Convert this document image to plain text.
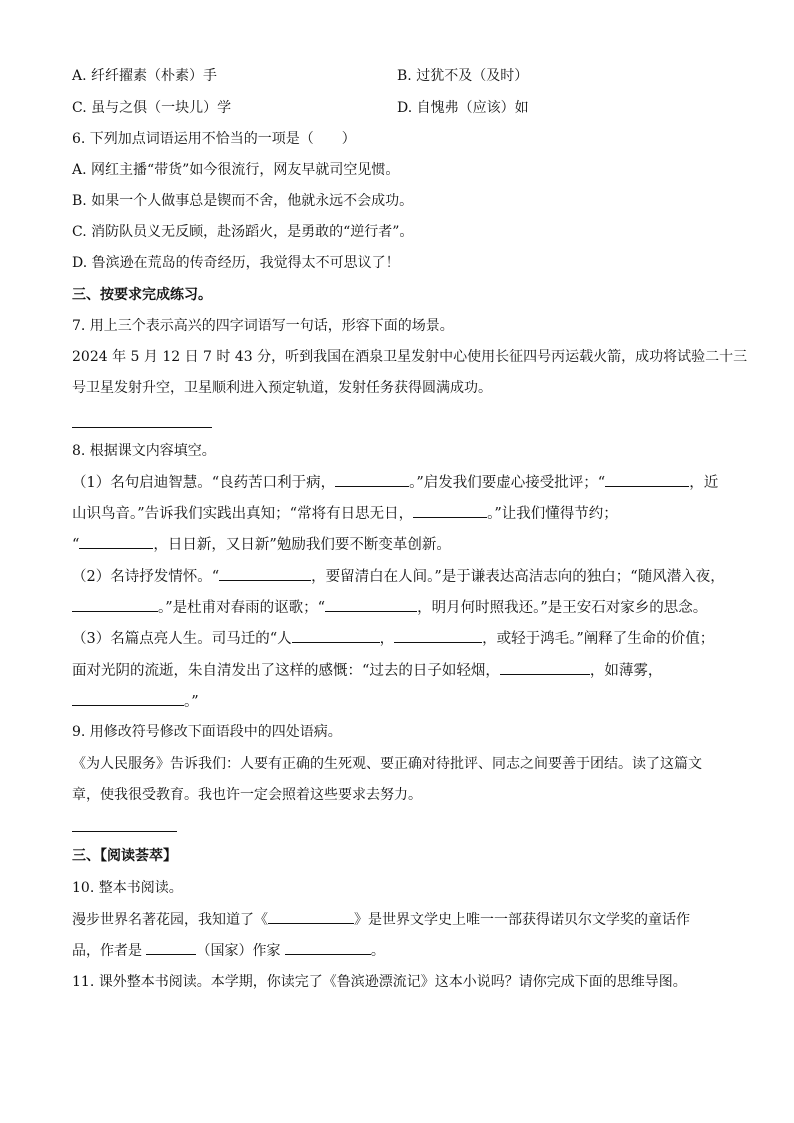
A. 纤纤擢素（朴素）手	B. 过犹不及（及时）
C. 虽与之俱（一块儿）学	D. 自愧弗（应该）如
6. 下列加点词语运用不恰当的一项是（　　）
A. 网红主播“带货”如今很流行，网友早就司空见惯。
B. 如果一个人做事总是锲而不舍，他就永远不会成功。
C. 消防队员义无反顾，赴汤蹈火，是勇敢的“逆行者”。
D. 鲁滨逊在荒岛的传奇经历，我觉得太不可思议了！
三、按要求完成练习。
7. 用上三个表示高兴的四字词语写一句话，形容下面的场景。
2024 年 5 月 12 日 7 时 43 分，听到我国在酒泉卫星发射中心使用长征四号丙运载火箭，成功将试验二十三
号卫星发射升空，卫星顺利进入预定轨道，发射任务获得圆满成功。
8. 根据课文内容填空。
（1）名句启迪智慧。“良药苦口利于病，	。”启发我们要虚心接受批评；“	，近
山识鸟音。”告诉我们实践出真知；“常将有日思无日，	。”让我们懂得节约；
“	，日日新，又日新”勉励我们要不断变革创新。
（2）名诗抒发情怀。“	，要留清白在人间。”是于谦表达高洁志向的独白；“随风潜入夜，
。”是杜甫对春雨的讴歌；“	，明月何时照我还。”是王安石对家乡的思念。
（3）名篇点亮人生。司马迁的“人	，	，或轻于鸿毛。”阐释了生命的价值；
面对光阴的流逝，朱自清发出了这样的感慨：“过去的日子如轻烟，	，如薄雾，
。”
9. 用修改符号修改下面语段中的四处语病。
《为人民服务》告诉我们：人要有正确的生死观、要正确对待批评、同志之间要善于团结。读了这篇文
章，使我很受教育。我也许一定会照着这些要求去努力。
三、【阅读荟萃】
10. 整本书阅读。
漫步世界名著花园，我知道了《	》是世界文学史上唯一一部获得诺贝尔文学奖的童话作
品，作者是	（国家）作家	。
11. 课外整本书阅读。本学期，你读完了《鲁滨逊漂流记》这本小说吗？请你完成下面的思维导图。
